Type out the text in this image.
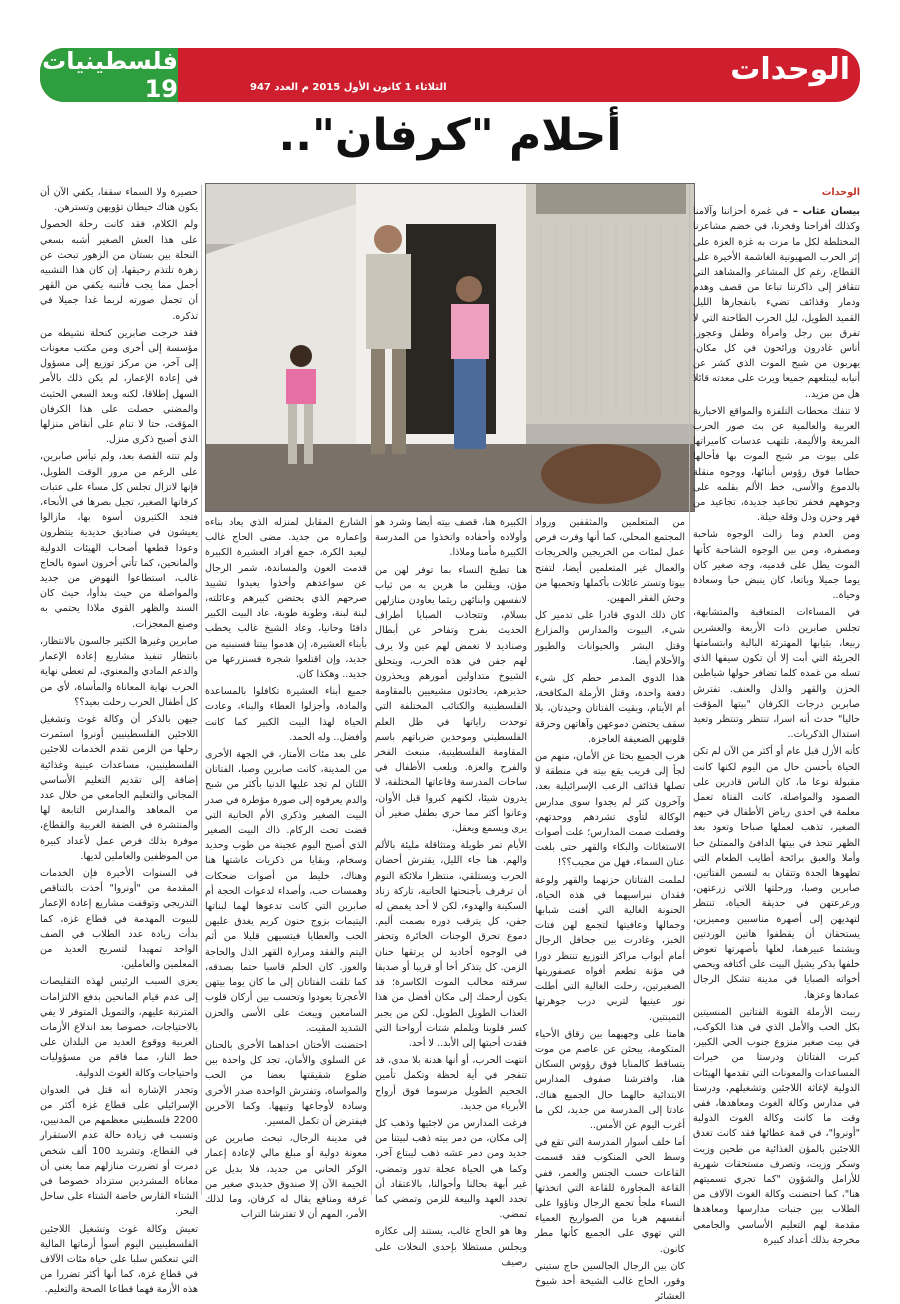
الوحدات
الثلاثاء 1 كانون الأول 2015 م العدد 947
فلسطينيات 19
أحلام "كرفان"..
الوحدات

بيسان عثاب – في غمرة أحزاننا وآلامنا وكذلك أفراحنا وفخرنا، في خضم مشاعرنا المختلطة لكل ما مرت به غزة العزة على إثر الحرب الصهيونية الغاشمة الأخيرة على القطاع، رغم كل المشاعر والمشاهد التي تتقافز إلى ذاكرتنا تباعا من قصف وهدم ودمار وقذائف تضيء بانفجارها الليل القميد الطويل، ليل الحرب الطاحنة التي لا تفرق بين رجل وامرأة وطفل وعجوز، أناس غادرون ورائحون في كل مكان، يهربون من شبح الموت الذي كشر عن أنيابه ليبتلعهم جميعا ويرث على معدته قائلا هل من مزيد..

لا تنفك محطات التلفزة والمواقع الاخبارية العربية والعالمية عن بث صور الحرب المريعة والأليمة، تلتهب عدسات كاميراتها على بيوت مر شبح الموت بها فأحالها حطاما فوق رؤوس أبنائها، ووجوه منقلة بالدموع والأسى، خط الألم بقلمه على وجوههم فحفر تجاعيد جديدة، تجاعيد من قهر وحزن وذل وقلة حيلة.

ومن العدم وما زالت الوجوه شاحبة ومصفرة، ومن بين الوجوه الشاحبة كأنها الموت يطل على قدميه، وجه صغير كان يوما جميلا وباتعا، كان ينبض حبا وسعادة وحياة..

في المساءات المتعاقبة والمتشابهة، تجلس صابرين ذات الأربعة والعشرين ربيعا، بثيابها المهترئة البالية وابتسامتها الجريئة التي أبت إلا أن تكون سيفها الذي تسله من غمده كلما تضافر حولها شياطين الحزن والقهر والذل والعنف. تفترش صابرين درجات الكرفان "بيتها المؤقت حاليا" حدث أنه اسرا، تنتظر وتنتظر وتعيد استدال الذكريات..

كأنه الأزل قبل عام أو أكثر من الآن لم تكن الحياة بأحسن حال من اليوم لكنها كانت مقبولة نوعا ما، كان الناس قادرين على الصمود والمواصلة، كانت الفتاة تعمل معلمة في احدى رياض الأطفال في حيهم الصغير، تذهب لعملها صباحا وتعود بعد الظهر تنجذ في بيتها الدافئ والممتلئ حبا وأملا والعبق برائحة أطايب الطعام التي تطهوها الجدة وتتقان به لنسمن الفتاتين، صابرين وصبا، ورحلتها اللاتي زرعتهن، ورعرعتهن في حديقة الحياة، تنتظر لتهديهن إلى أصهرة مناسبين ومميزين، يستحقان أن يقطفوا هاتين الوردتين ويشتما عبيرهما، لعلها بأصهرتها تعوض خلفها بذكر يشيل البيت على أكتافه ويحمي أخواته الصبايا في مدينة تشكل الرجال عمادها وعزها.

رببت الأرملة القوية الفتاتين المنسيتين بكل الحب والأمل الذي في هذا الكوكب، في بيت صغير منزوع جنوب الحي الكبير، كبرت الفتاتان ودرستا من خيرات المساعدات والمعونات التي تقدمها الهيئات الدولية لإغاثة اللاجئين وتشغيلهم، ودرستا في مدارس وكالة الغوث ومعاهدها، ففي وقت ما كانت وكالة الغوث الدولية "أونروا"، في قمة عطائها فقد كانت تغدق اللاجئين بالمؤن الغذائية من طحين وزيت وسكر وزيت، وتصرف مستحقات شهرية للأرامل والشؤون "كما تجري تسميتهم هنا"، كما احتضنت وكالة الغوث الآلاف من الطلاب بين جنبات مدارسها ومعاهدها مقدمة لهم التعليم الأساسي والجامعي مخرجة بذلك أعداد كبيرة

من المتعلمين والمثقفين ورواد المجتمع المحلي، كما أنها وفرت فرص عمل لمئات من الخريجين والخريجات والعمال غير المتعلمين أيضا، لتفتح بيوتا وتستر عائلات بأكملها وتحميها من وحش الفقر المهين.

كان ذلك الدوي قادرا على تدمير كل شيء، البيوت والمدارس والمزارع وقتل البشر والحيوانات والطيور والأحلام أيضا.

هذا الدوي المدمر حطم كل شيء دفعة واحدة، وقتل الأرملة المكافحة، أم الأيتام، وبقيت الفتاتان وحيدتان، بلا سقف يحتضن دموعهن وآهاتهن وحرقة قلوبهن الضعيفة العاجزة.

هرب الجميع بحثا عن الأمان، منهم من لجأ إلى قريب يقع بيته في منطقة لا تصلها قذائف الرعب الإسرائيلية بعد، وآخرون كثر لم يجدوا سوى مدارس الوكالة لتأوي تشردهم ووحدتهم، وفصلت صمت المدارس؛ علت أصوات الاستغاثات والبكاء والقهر حتى بلغت عنان السماء، فهل من مجيب؟؟!

لملمت الفتاتان حزنهما والقهر ولوعة فقدان نبراسيهما في هذه الحياة، الحنونة الغالية التي أفنت شبابها وجمالها وعافيتها لتجمع لهن فتات الخبز، وغادرت بين جحافل الرجال أمام أبواب مراكز التوزيع تنتظر دورا في مؤنة تطعم أفواه عصفوريتها الصغيرتين، رحلت الغالية التي أطلت نور عينيها لتربي درب جوهرتها الثمينتين.

هامتا على وجهيهما بين زقاق الأحياء المتكومة، يبحثن عن عاصم من موت يتساقط كالمنايا فوق رؤوس السكان هنا، وافترشنا صفوف المدارس الابتدائية حالهما حال الجميع هناك، عادتا إلى المدرسة من جديد، لكن ما أغرب اليوم عن الأمس..

أما خلف أسوار المدرسة التي تقع في وسط الحي المنكوب فقد قسمت القاعات حسب الجنس والعمر، ففي القاعة المجاورة للقاعة التي اتخذتها النساء ملجأ تجمع الرجال وناؤوا على أنفسهم هربا من الصواريخ العمياء التي تهوي على الجميع كأنها مطر كانون.

كان بين الرجال الجالسين حاج ستيني وقور، الحاج غالب الشيخة أحد شيوخ العشائر

الكبيرة هنا، قصف بيته أيضا وشرد هو وأولاده وأحفاده واتخذوا من المدرسة الكبيرة مأمنا وملاذا.

هنا تطبخ النساء بما توفر لهن من مؤن، ويقلبن ما هربن به من ثياب لانفسهن وابنائهن ريثما يعاودن منازلهن بسلام، وتتجاذب الصبايا أطراف الحديث بفرح وتفاخر عن أبطال وصناديد لا تغمض لهم عين ولا يرف لهم جفن في هذه الحرب، ويتحلق الشيوخ متداولين أمورهم ويحذرون حذيرهم، يحادثون مشيعيين بالمقاومة الفلسطينية والكتائب المختلفة التي توحدت راياتها في ظل العلم الفلسطيني وموحدين ضرباتهم باسم المقاومة الفلسطينية، منبعث الفخر والفرح والعزة. ويلعب الأطفال في ساحات المدرسة وقاعاتها المختلفة، لا يدرون شيئا، لكنهم كبروا قبل الأوان، وعانوا أكثر مما حري بطفل صغير أن يرى ويسمع ويعقل.

الأيام تمر طويلة ومتثاقلة مليئة بالألم والهم. هنا جاء الليل، يقترش أحضان الحرب ويستلقي، منتظرا ملائكة النوم أن ترفرف بأجنحتها الحانية، تاركة زناد السكينة والهدوء، لكن لا أحد يغمض له جفن، كل يترقب دوره بصمت أليم. دموع تحرق الوجنات الخائرة وتحفر في الوجوه أخاديد لن يرتقها حنان الزمن. كل يتذكر أخا أو قريبا أو صديقا سرقته مخالب الموت الكاسرة؛ قد يكون أرحمك إلى مكان أفضل من هذا العذاب الطويل الطويل. لكن من يجبر كسر قلوبنا ويلملم شتات أرواحنا التي فقدت أحبتها إلى الأبد.. لا أحد.

انتهت الحرب، أو أنها هدنة بلا مدى، قد تتفجر في أية لحظة وتكمل تأمين الجحيم الطويل مرسوما فوق أرواح الأبرياء من جديد.

فرغت المدارس من لاجئيها وذهب كل إلى مكان، من دمر بيته ذهب لبيتنا من جديد ومن دمر عشه ذهب ليبتاع آخر، وكما هي الحياة عجلة تدور وتمضي، غير أبهة بحالنا وأحوالنا، بالاعتقاد أن تجدد العهد والبيعة للزمن وتمضي كما تمضي.

وها هو الحاج غالب، يستند إلى عكازه ويجلس مستظلا بإحدى النخلات على رصيف

الشارع المقابل لمنزله الذي يعاد بناءه وإعماره من جديد. مضى الحاج غالب ليعيد الكرة، جمع أفراد العشيرة الكبيرة قدمت العون والمساندة، شمر الرجال عن سواعدهم وأخذوا يعيدوا تشييد صرحهم الذي يحتضن كبيرهم وعائلته، لبنة لبنة، وطوبة طوبة، عاد البيت الكبير دافئا وحانيا، وعاد الشيخ غالب يخطب بأبناء العشيرة، إن هدموا بيتنا فسنبنيه من جديد، وإن اقتلعوا شجرة فسنزرعها من جديد.. وهكذا كان.

جميع أبناء العشيرة تكافلوا بالمساعدة والمادة، وأجزلوا العطاء والبناء، وعادت الحياة لهذا البيت الكبير كما كانت وأفضل.. وله الحمد.

على بعد مئات الأمتار، في الجهة الأخرى من المدينة، كانت صابرين وصبا، الفتاتان اللتان لم تجد عليها الدنيا بأكثر من شبح والدم يعرفوه إلى صورة مؤطرة في صدر البيت الصغير وذكرى الأم الحانية التي قضت تحت الركام. ذاك البيت الصغير الذي أصبح اليوم عجينة من طوب وحديد وسخام، وبقايا من ذكريات عاشتها هنا وهناك، خليط من أصوات ضحكات وهمسات حب، وأصداء لدعوات الحجة أم صابرين التي كانت تدعوها لهما لبناتها اليتيمات بزوج حنون كريم يغدق عليهن الحب والعطايا فيتسيهن قليلا من أثم اليتم والفقد ومرارة القهر الذل والحاجة والعوز. كان الحلم قاسيا حتما بصدقه، كما تلقت الفتاتان إلى ما كان يوما بيتهن الأعجرتا يعودوا وتحسب بين أركان قلوب السامعين ويبعث على الأسى والحزن الشديد المقيت.

احتضنت الأختان احداهما الأخرى بالحنان عن السلوى والأمان، تجد كل واحدة بين ضلوع شقيقتها بعضا من الحب والمواساة، وتفترش الواحدة صدر الأخرى وسادة لأوجاعها وتيهها. وكما الآخرين فيفترض أن تكمل المسير.

في مدينة الرجال، تبحث صابرين عن معونة دولية أو مبلغ مالي لإعادة إعمار الوكر الحاني من جديد، فلا بديل عن الخيمة الآن إلا صندوق حديدي صغير من غرفة ومنافع يقال له كرفان، وما لذلك الأمر، المهم أن لا تفترشا التراب

حصيرة ولا السماء سقفا، يكفي الآن أن يكون هناك حيطان تؤويهن وتسترهن.

ولم الكلام، فقد كانت رحلة الحصول على هذا العش الصغير أشبه بسعي النحلة بين بستان من الزهور تبحث عن زهرة تلتذم رحيقها، إن كان هذا التشبيه أجمل مما يجب فأتنبه يكفي من القهر أن تجمل صورته لربما غدا جميلا في تذكره.

فقد خرجت صابرين كنحلة نشيطه من مؤسسة إلى أخرى ومن مكتب معونات إلى آخر، من مركز توزيع إلى مسؤول في إعادة الإعمار، لم يكن ذلك بالأمر السهل إطلاقا، لكنه وبعد السعي الحثيث والمضني حصلت على هذا الكرفان المؤقت، حتا لا تنام على أنقاض منزلها الذي أصبح ذكرى منزل.

ولم تنته القصة بعد، ولم تيأس صابرين، على الرغم من مرور الوقت الطويل، فإنها لاتزال تجلس كل مساء على عتبات كرفانها الصغير، تجيل بصرها في الأنحاء، فتجد الكثيرون أسوة بها، مازالوا يعيشون في صناديق حديدية ينتظرون وعودا قطعها أصحاب الهيئات الدولية والمانحين، كما تأتي أخرون اسوة بالحاج غالب، استطاعوا النهوض من جديد والمواصلة من حيث بدأوا، حيث كان السند والظهر القوي ملاذا يحتمي به وصنع المعجزات.

صابرين وغيرها الكثير جالسون بالانتظار، بانتظار تنفيذ مشاريع إعادة الإعمار والدعم المادي والمعنوي، لم تعطي نهاية الحرب نهاية المعاناة والمأساة، لأي من كل أطفال الحرب رحلت بعيد؟؟

جيهن بالذكر أن وكالة غوث وتشغيل اللاجئين الفلسطينيين أونروا استمرت رحلها من الزمن تقدم الخدمات للاجئين الفلسطينيين، مساعدات عينية وغذائية إضافة إلى تقديم التعليم الأساسي المجاني والتعليم الجامعي من خلال عدد من المعاهد والمدارس التابعة لها والمنتشرة في الضفة الغربية والقطاع، موفرة بذلك فرص عمل لأعداد كبيرة من الموظفين والعاملين لديها.

في السنوات الأخيرة فإن الخدمات المقدمة من "أونروا" أخذت بالتناقص التدريجي وتوقفت مشاريع إعادة الإعمار للبيوت المهدمة في قطاع غزة، كما بدأت زيادة عدد الطلاب في الصف الواحد تمهيدا لتسريح العديد من المعلمين والعاملين.

يعزى السبب الرئيس لهذه التقليصات إلى عدم قيام المانحين بدفع الالتزامات المترتبة عليهم، والتمويل المتوفر لا يفي بالاحتياجات، خصوصا بعد اندلاع الأزمات العربية ووقوع العديد من البلدان على خط النار، مما فاقم من مسؤوليات واحتياجات وكالة الغوث الدولية.

وتجدر الإشارة أنه قتل في العدوان الإسرائيلي على قطاع غزة أكثر من 2200 فلسطيني معظمهم من المدنيين، وتسبب في زيادة حالة عدم الاستقرار في القطاع، وتشريد 100 ألف شخص دمرت أو تضررت منازلهم مما يعني أن معاناة المشردين ستزداد خصوصا في الشتاء القارس خاصة الشتاء على ساحل البحر.

تعيش وكالة غوث وتشغيل اللاجئين الفلسطينيين اليوم أسوأ أزماتها المالية التي تنعكس سلبا على حياة مئات الآلاف في قطاع غزة، كما أنها أكثر تضررا من هذه الأزمة فهما قطاعا الصحة والتعليم.
